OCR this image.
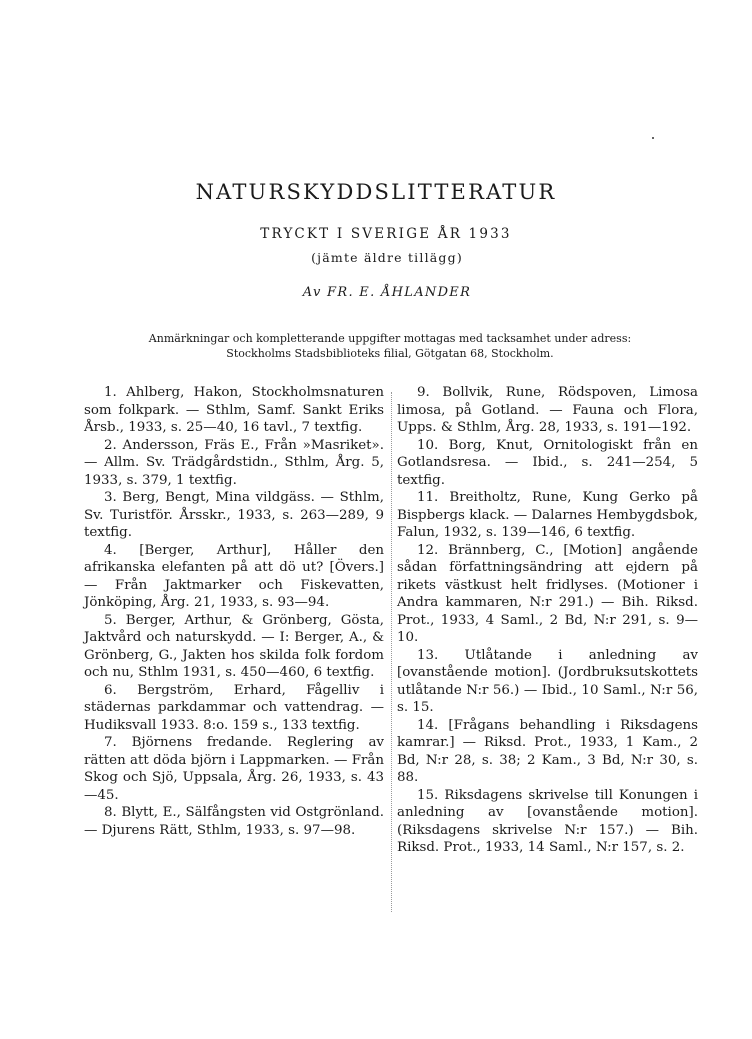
NATURSKYDDSLITTERATUR
TRYCKT I SVERIGE ÅR 1933
(jämte äldre tillägg)
Av FR. E. ÅHLANDER
Anmärkningar och kompletterande uppgifter mottagas med tacksamhet under adress:
Stockholms Stadsbiblioteks filial, Götgatan 68, Stockholm.

1. Ahlberg, Hakon, Stockholmsnaturen som folkpark. — Sthlm, Samf. Sankt Eriks Årsb., 1933, s. 25—40, 16 tavl., 7 textfig.

2. Andersson, Fräs E., Från »Masriket». — Allm. Sv. Trädgårdstidn., Sthlm, Årg. 5, 1933, s. 379, 1 textfig.

3. Berg, Bengt, Mina vildgäss. — Sthlm, Sv. Turistför. Årsskr., 1933, s. 263—289, 9 textfig.

4. [Berger, Arthur], Håller den afrikanska elefanten på att dö ut? [Övers.] — Från Jaktmarker och Fiskevatten, Jönköping, Årg. 21, 1933, s. 93—94.

5. Berger, Arthur, & Grönberg, Gösta, Jaktvård och naturskydd. — I: Berger, A., & Grönberg, G., Jakten hos skilda folk fordom och nu, Sthlm 1931, s. 450—460, 6 textfig.

6. Bergström, Erhard, Fågelliv i städernas parkdammar och vattendrag. — Hudiksvall 1933. 8:o. 159 s., 133 textfig.

7. Björnens fredande. Reglering av rätten att döda björn i Lappmarken. — Från Skog och Sjö, Uppsala, Årg. 26, 1933, s. 43—45.

8. Blytt, E., Sälfångsten vid Ostgrönland. — Djurens Rätt, Sthlm, 1933, s. 97—98.

9. Bollvik, Rune, Rödspoven, Limosa limosa, på Gotland. — Fauna och Flora, Upps. & Sthlm, Årg. 28, 1933, s. 191—192.

10. Borg, Knut, Ornitologiskt från en Gotlandsresa. — Ibid., s. 241—254, 5 textfig.

11. Breitholtz, Rune, Kung Gerko på Bispbergs klack. — Dalarnes Hembygdsbok, Falun, 1932, s. 139—146, 6 textfig.

12. Brännberg, C., [Motion] angående sådan författningsändring att ejdern på rikets västkust helt fridlyses. (Motioner i Andra kammaren, N:r 291.) — Bih. Riksd. Prot., 1933, 4 Saml., 2 Bd, N:r 291, s. 9—10.

13. Utlåtande i anledning av [ovanstående motion]. (Jordbruksutskottets utlåtande N:r 56.) — Ibid., 10 Saml., N:r 56, s. 15.

14. [Frågans behandling i Riksdagens kamrar.] — Riksd. Prot., 1933, 1 Kam., 2 Bd, N:r 28, s. 38; 2 Kam., 3 Bd, N:r 30, s. 88.

15. Riksdagens skrivelse till Konungen i anledning av [ovanstående motion]. (Riksdagens skrivelse N:r 157.) — Bih. Riksd. Prot., 1933, 14 Saml., N:r 157, s. 2.
